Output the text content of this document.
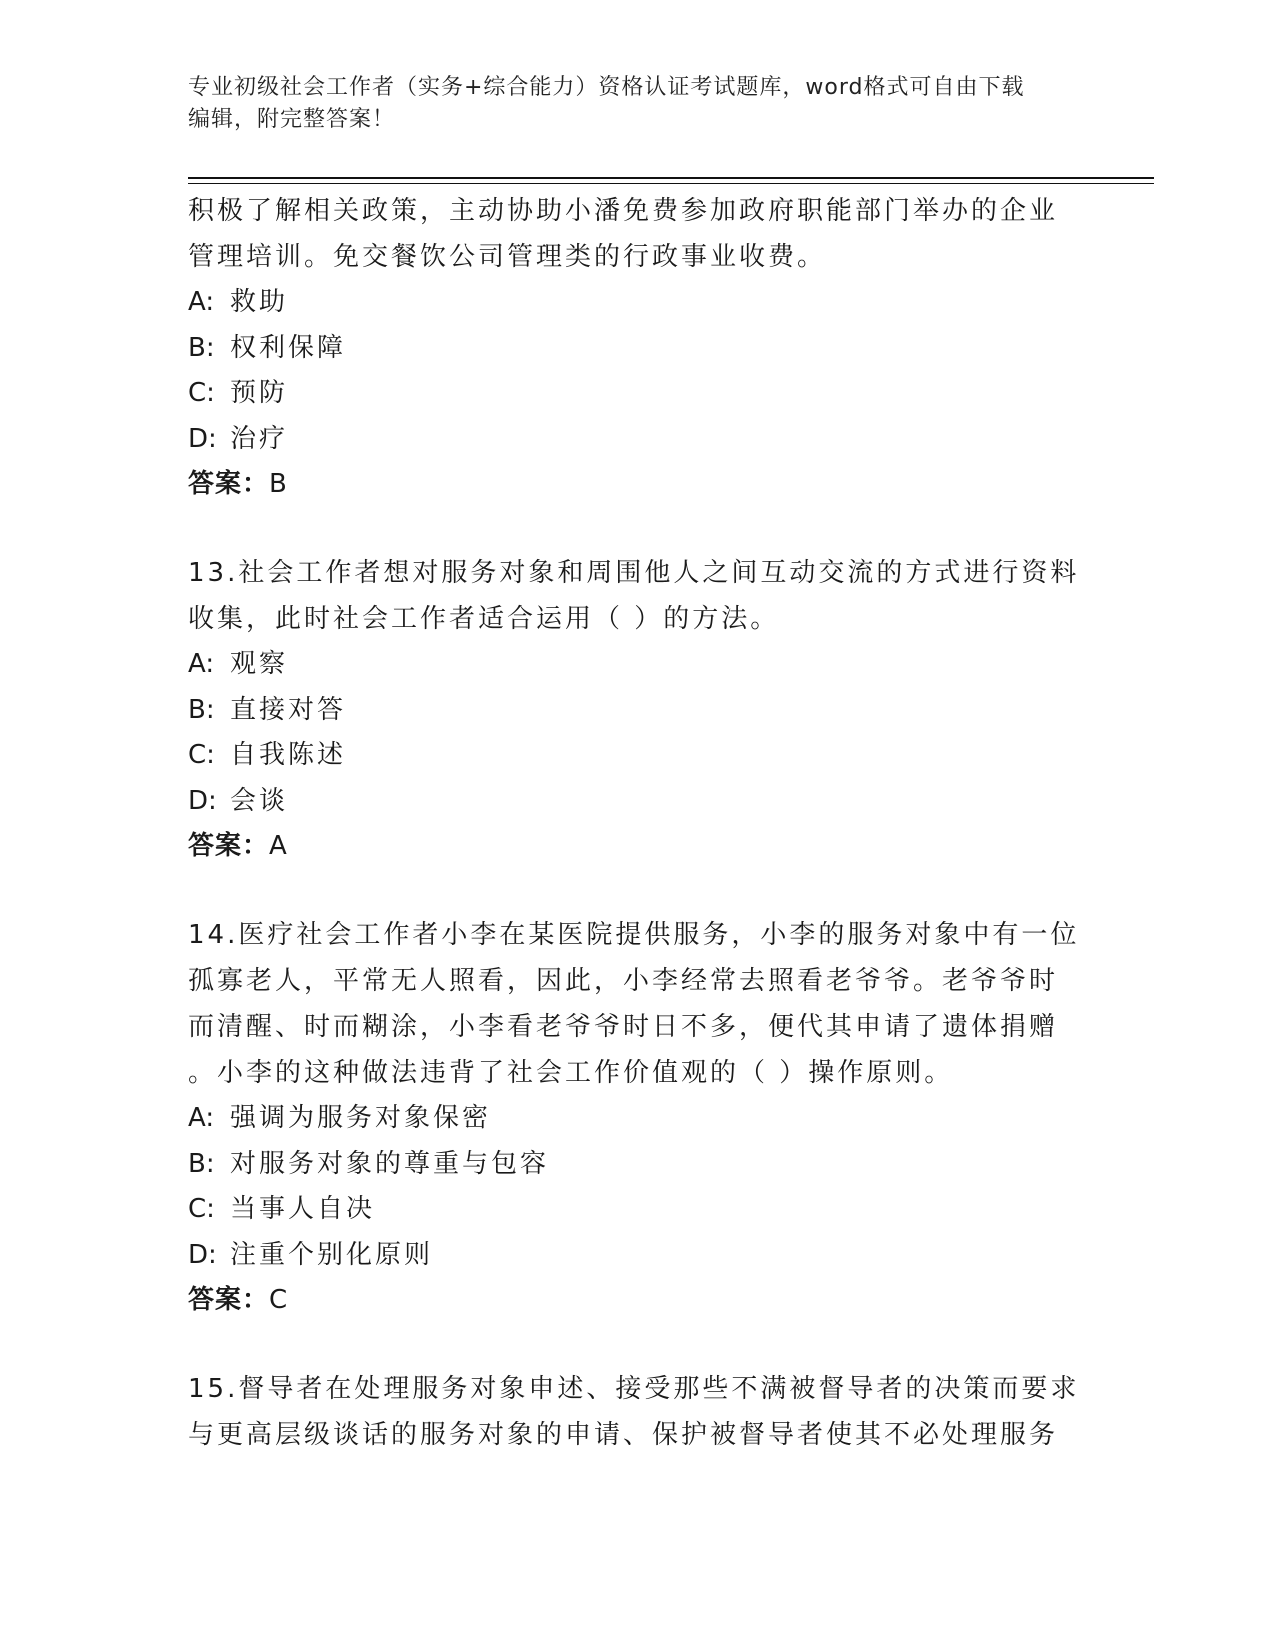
专业初级社会工作者（实务+综合能力）资格认证考试题库，word格式可自由下载
编辑，附完整答案！
积极了解相关政策，主动协助小潘免费参加政府职能部门举办的企业
管理培训。免交餐饮公司管理类的行政事业收费。
A: 救助
B: 权利保障
C: 预防
D: 治疗
答案：B
13.社会工作者想对服务对象和周围他人之间互动交流的方式进行资料
收集，此时社会工作者适合运用（ ）的方法。
A: 观察
B: 直接对答
C: 自我陈述
D: 会谈
答案：A
14.医疗社会工作者小李在某医院提供服务，小李的服务对象中有一位
孤寡老人，平常无人照看，因此，小李经常去照看老爷爷。老爷爷时
而清醒、时而糊涂，小李看老爷爷时日不多，便代其申请了遗体捐赠
。小李的这种做法违背了社会工作价值观的（ ）操作原则。
A: 强调为服务对象保密
B: 对服务对象的尊重与包容
C: 当事人自决
D: 注重个别化原则
答案：C
15.督导者在处理服务对象申述、接受那些不满被督导者的决策而要求
与更高层级谈话的服务对象的申请、保护被督导者使其不必处理服务
